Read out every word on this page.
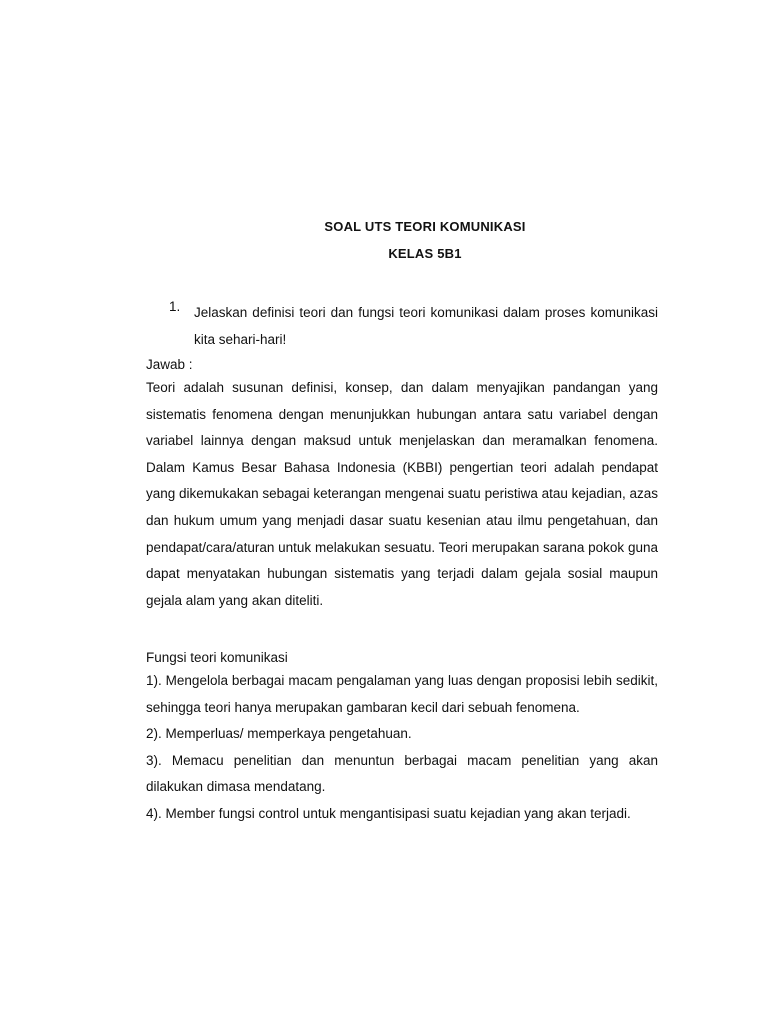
SOAL UTS TEORI KOMUNIKASI
KELAS 5B1
1. Jelaskan definisi teori dan fungsi teori komunikasi dalam proses komunikasi kita sehari-hari!
Jawab :
Teori adalah susunan definisi, konsep, dan dalam menyajikan pandangan yang sistematis fenomena dengan menunjukkan hubungan antara satu variabel dengan variabel lainnya dengan maksud untuk menjelaskan dan meramalkan fenomena. Dalam Kamus Besar Bahasa Indonesia (KBBI) pengertian teori adalah pendapat yang dikemukakan sebagai keterangan mengenai suatu peristiwa atau kejadian, azas dan hukum umum yang menjadi dasar suatu kesenian atau ilmu pengetahuan, dan pendapat/cara/aturan untuk melakukan sesuatu. Teori merupakan sarana pokok guna dapat menyatakan hubungan sistematis yang terjadi dalam gejala sosial maupun gejala alam yang akan diteliti.
Fungsi teori komunikasi
1). Mengelola berbagai macam pengalaman yang luas dengan proposisi lebih sedikit, sehingga teori hanya merupakan gambaran kecil dari sebuah fenomena.
2). Memperluas/ memperkaya pengetahuan.
3). Memacu penelitian dan menuntun berbagai macam penelitian yang akan dilakukan dimasa mendatang.
4). Member fungsi control untuk mengantisipasi suatu kejadian yang akan terjadi.
